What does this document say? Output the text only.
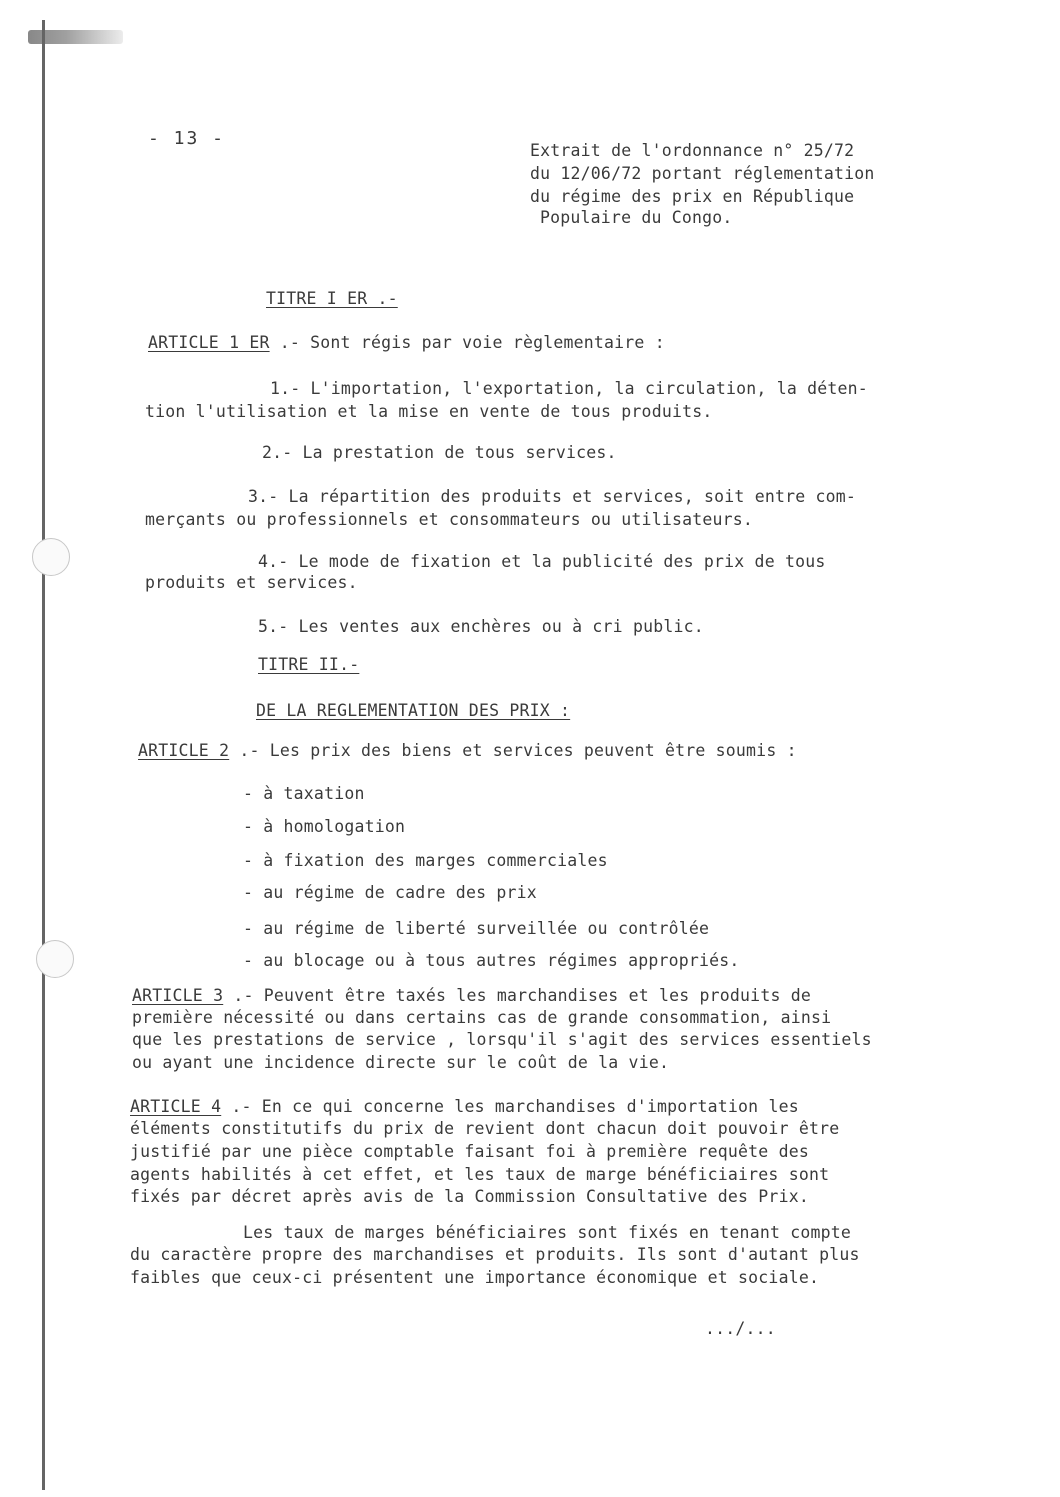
- 13 -
Extrait de l'ordonnance n° 25/72
du 12/06/72 portant réglementation
du régime des prix en République
Populaire du Congo.
TITRE I ER .-
ARTICLE 1 ER .- Sont régis par voie règlementaire :
1.- L'importation, l'exportation, la circulation, la déten-
tion l'utilisation et la mise en vente de tous produits.
2.- La prestation de tous services.
3.- La répartition des produits et services, soit entre com-
merçants ou professionnels et consommateurs ou utilisateurs.
4.- Le mode de fixation et la publicité des prix de tous
produits et services.
5.- Les ventes aux enchères ou à cri public.
TITRE II.-
DE LA REGLEMENTATION DES PRIX :
ARTICLE 2 .- Les prix des biens et services peuvent être soumis :
- à taxation
- à homologation
- à fixation des marges commerciales
- au régime de cadre des prix
- au régime de liberté surveillée ou contrôlée
- au blocage ou à tous autres régimes appropriés.
ARTICLE 3 .- Peuvent être taxés les marchandises et les produits de
première nécessité ou dans certains cas de grande consommation, ainsi
que les prestations de service , lorsqu'il s'agit des services essentiels
ou ayant une incidence directe sur le coût de la vie.
ARTICLE 4 .- En ce qui concerne les marchandises d'importation les
éléments constitutifs du prix de revient dont chacun doit pouvoir être
justifié par une pièce comptable faisant foi à première requête des
agents habilités à cet effet, et les taux de marge bénéficiaires sont
fixés par décret après avis de la Commission Consultative des Prix.
Les taux de marges bénéficiaires sont fixés en tenant compte
du caractère propre des marchandises et produits. Ils sont d'autant plus
faibles que ceux-ci présentent une importance économique et sociale.
.../...
